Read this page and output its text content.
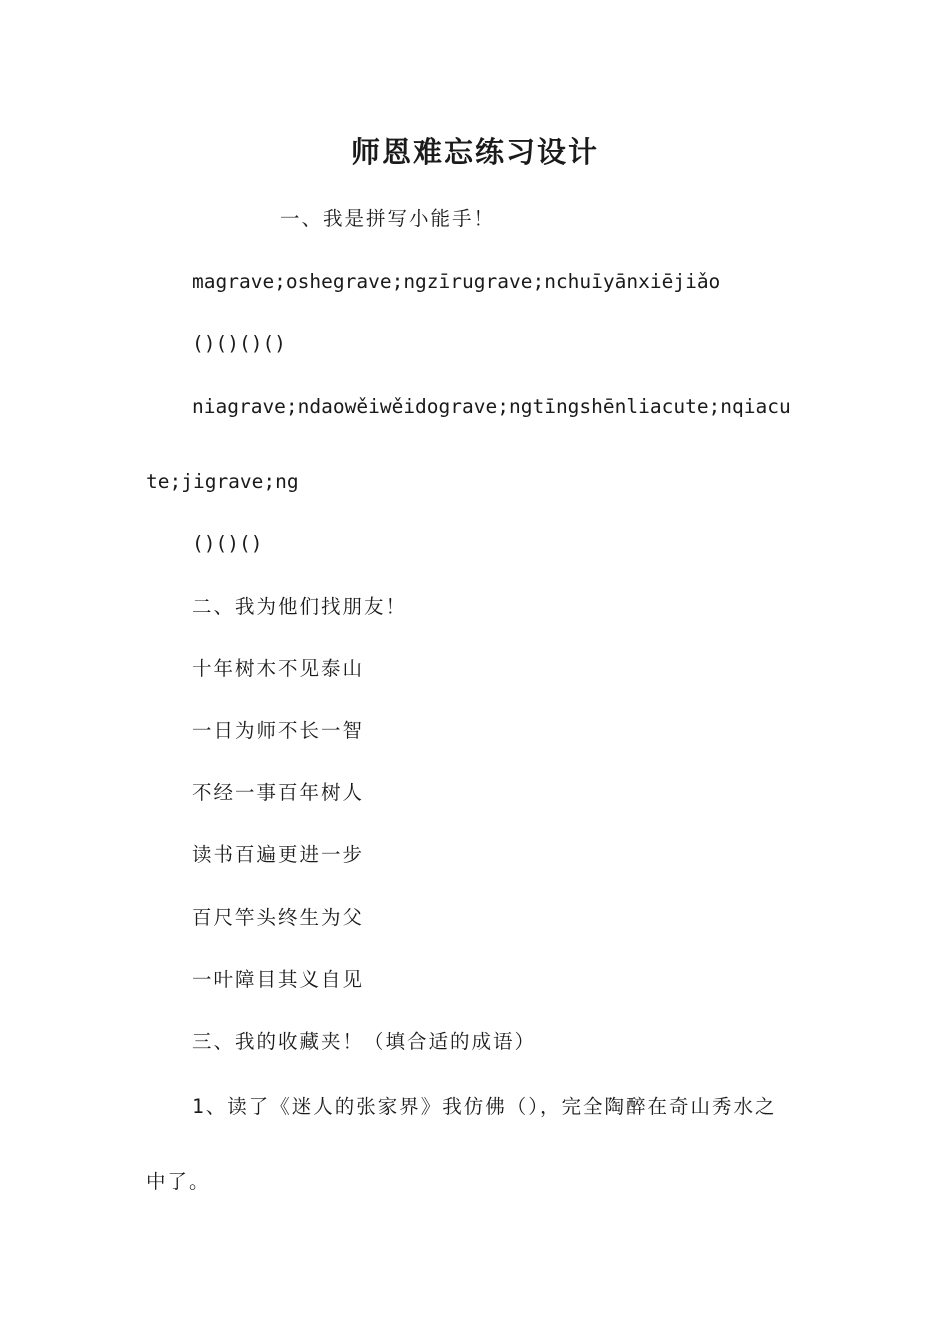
师恩难忘练习设计
一、我是拼写小能手！
magrave;oshegrave;ngzīrugrave;nchuīyānxiējiǎo
()()()()
niagrave;ndaowěiwěidograve;ngtīngshēnliacute;nqiacu
te;jigrave;ng
()()()
二、我为他们找朋友！
十年树木不见泰山
一日为师不长一智
不经一事百年树人
读书百遍更进一步
百尺竿头终生为父
一叶障目其义自见
三、我的收藏夹！（填合适的成语）
1、读了《迷人的张家界》我仿佛（），完全陶醉在奇山秀水之
中了。
